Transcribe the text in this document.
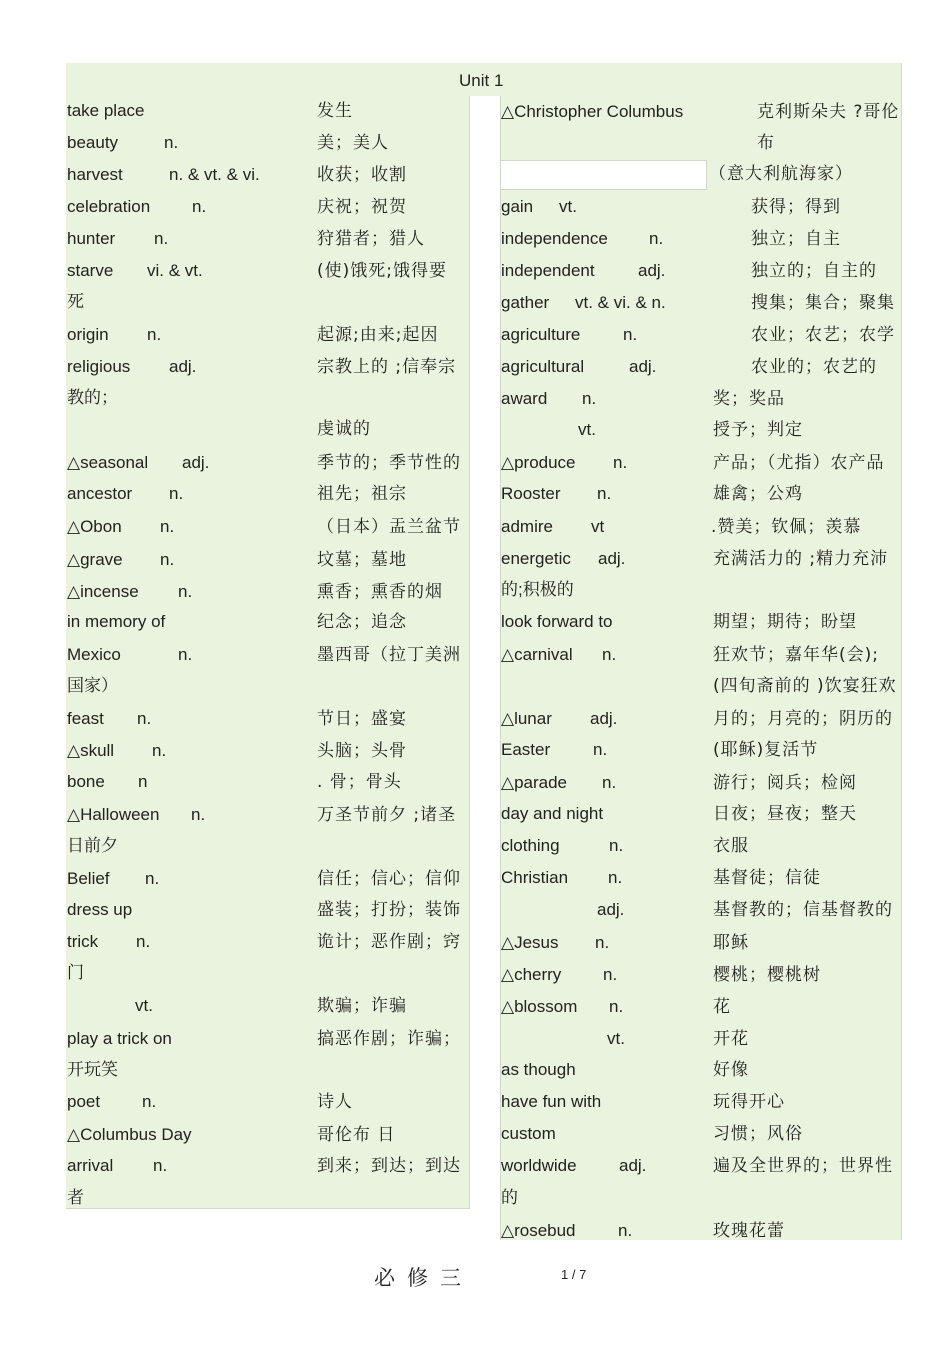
Unit 1
take place	发生
beauty	n.	美；美人
harvest	n. & vt. & vi.	收获；收割
celebration n.	庆祝；祝贺
hunter n.	狩猎者；猎人
starve vi. & vt.	(使)饿死;饿得要
死
origin n.	起源;由来;起因
religious adj.	宗教上的 ;信奉宗
教的；
虔诚的
△seasonal adj.	季节的；季节性的
ancestor n.	祖先；祖宗
△Obon n.	（日本）盂兰盆节
△grave n.	坟墓；墓地
△incense n.	熏香；熏香的烟
in memory of	纪念；追念
Mexico	n.	墨西哥（拉丁美洲
国家）
feast n.	节日；盛宴
△skull n.	头脑；头骨
bone n	. 骨；骨头
△Halloween n.	万圣节前夕 ;诸圣
日前夕
Belief n.	信任；信心；信仰
dress up	盛装；打扮；装饰
trick n.	诡计；恶作剧；窍
门
vt.	欺骗；诈骗
play a trick on	搞恶作剧；诈骗；
开玩笑
poet n.	诗人
△Columbus Day	哥伦布 日
arrival n.	到来；到达；到达
者
△Christopher Columbus	克利斯朵夫 ?哥伦
布
（意大利航海家）
gain vt.	获得；得到
independence n.	独立；自主
independent	adj.	独立的；自主的
gather vt. & vi. & n.	搜集；集合；聚集
agriculture	n.	农业；农艺；农学
agricultural	adj.	农业的；农艺的
award n.	奖；奖品
vt.	授予；判定
△produce n.	产品；（尤指）农产品
Rooster n.	雄禽；公鸡
admire vt	.赞美；钦佩；羡慕
energetic adj.	充满活力的 ;精力充沛
的;积极的
look forward to	期望；期待；盼望
△carnival n.	狂欢节；嘉年华(会);
(四旬斋前的 )饮宴狂欢
△lunar adj.	月的；月亮的；阴历的
Easter	n.	(耶稣)复活节
△parade n.	游行；阅兵；检阅
day and night	日夜；昼夜；整天
clothing	n.	衣服
Christian n.	基督徒；信徒
adj.	基督教的；信基督教的
△Jesus n.	耶稣
△cherry n.	樱桃；樱桃树
△blossom n.	花
vt.	开花
as though	好像
have fun with	玩得开心
custom	习惯；风俗
worldwide adj.	遍及全世界的；世界性
的
△rosebud n.	玫瑰花蕾
必修三	1 / 7
